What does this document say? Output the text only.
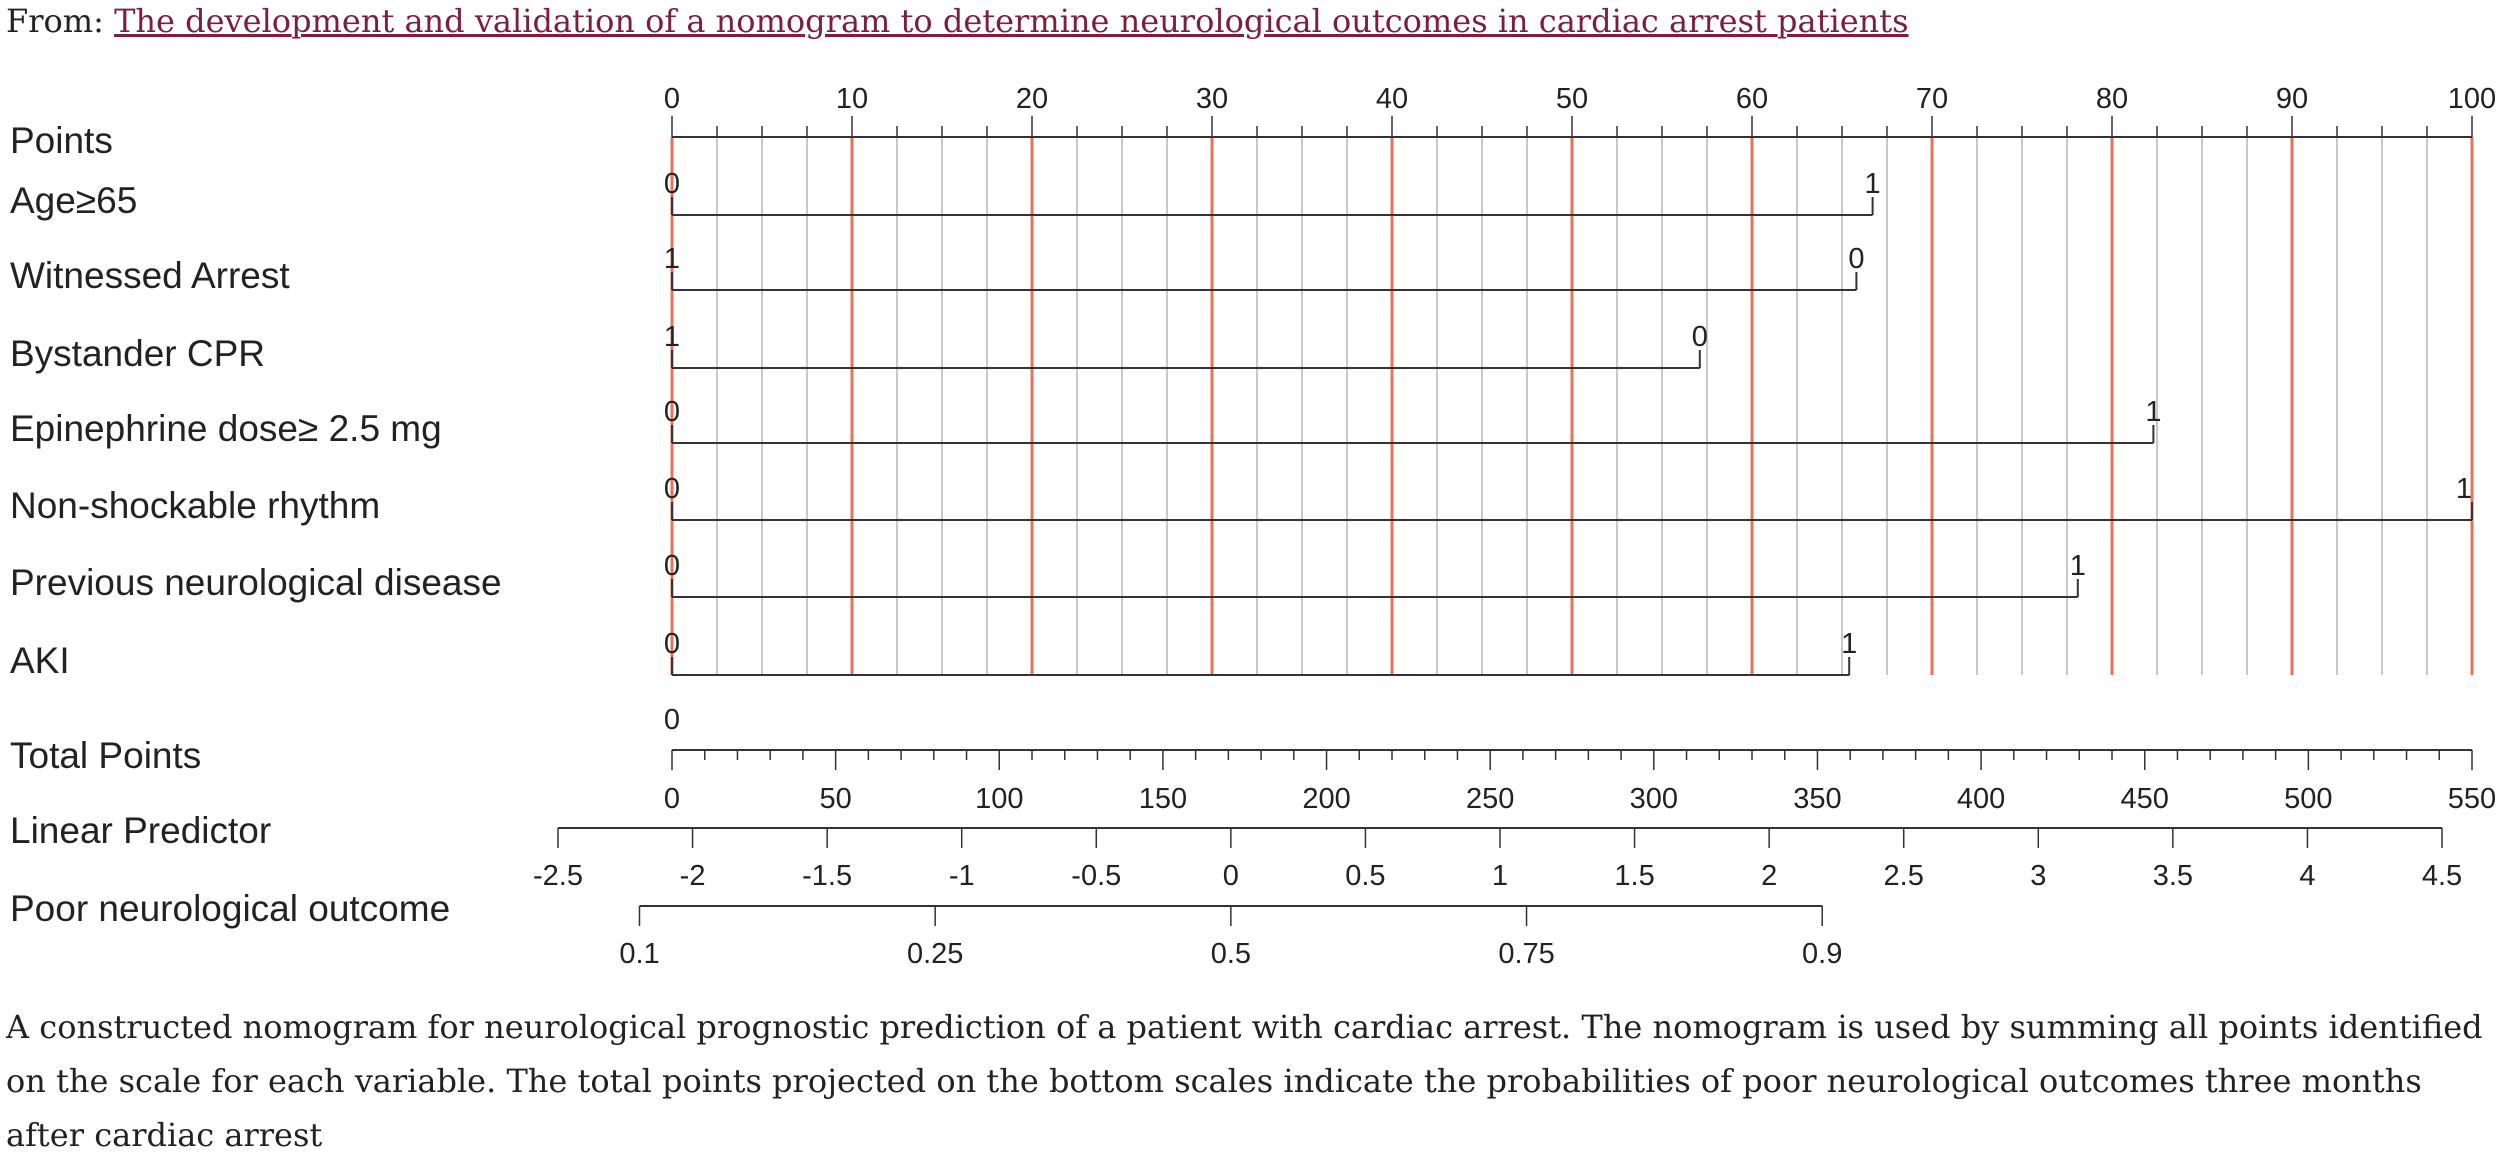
From: The development and validation of a nomogram to determine neurological outcomes in cardiac arrest patients
Points
Age≥65	0	1
Witnessed Arrest	1	0
Bystander CPR	1	0
Epinephrine dose≥ 2.5 mg	0	1
Non-shockable rhythm	0	1
Previous neurological disease	0	1
AKI	0	1
Total Points
Linear Predictor
Poor neurological outcome
0	10	20	30	40	50	60	70	80	90	100
0
0	50	100	150	200	250	300	350	400	450	500	550
-2.5	-2	-1.5	-1	-0.5	0	0.5	1	1.5	2	2.5	3	3.5	4	4.5
0.1	0.25	0.5	0.75	0.9

A constructed nomogram for neurological prognostic prediction of a patient with cardiac arrest. The nomogram is used by summing all points identified on the scale for each variable. The total points projected on the bottom scales indicate the probabilities of poor neurological outcomes three months after cardiac arrest
